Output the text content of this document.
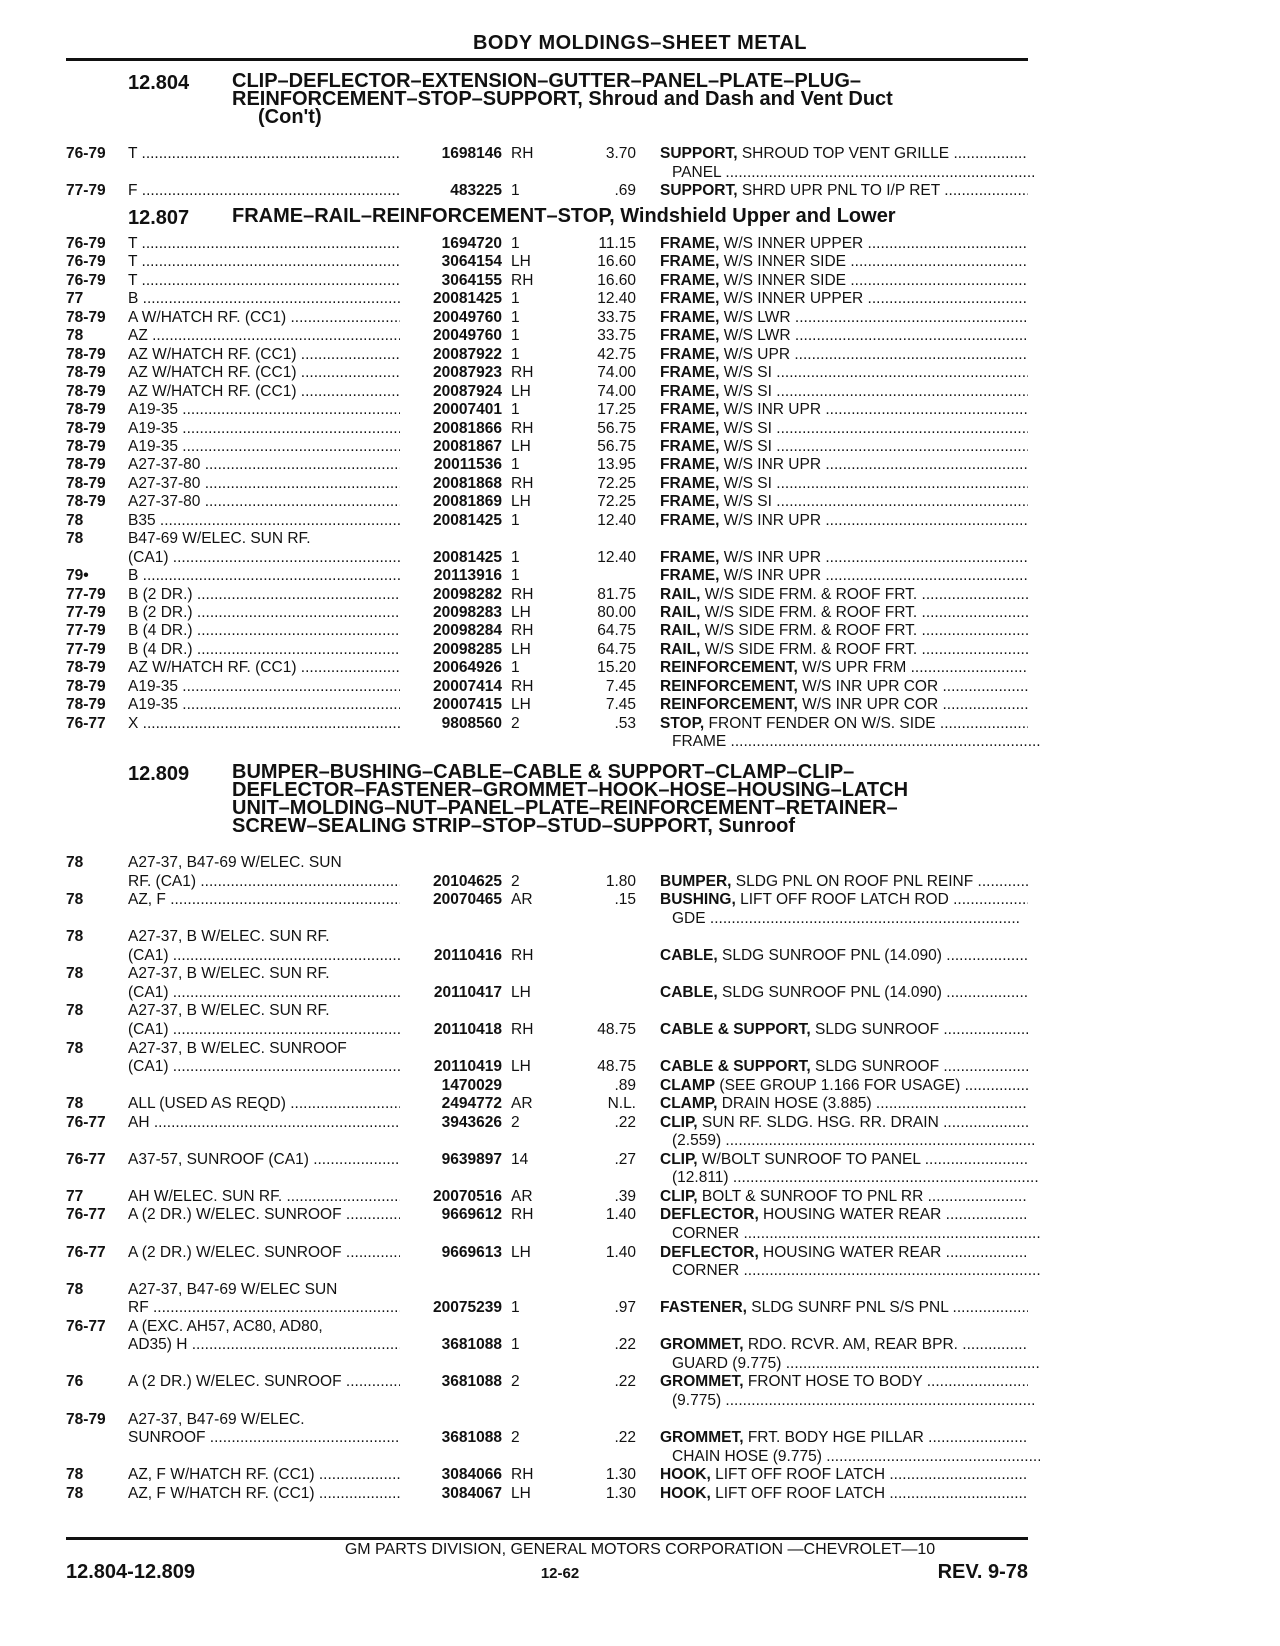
BODY MOLDINGS–SHEET METAL
12.804 CLIP–DEFLECTOR–EXTENSION–GUTTER–PANEL–PLATE–PLUG–
REINFORCEMENT–STOP–SUPPORT, Shroud and Dash and Vent Duct
(Con't)
76-79 T .....	1698146 RH	3.70 SUPPORT, SHROUD TOP VENT GRILLE .....
PANEL .....
77-79 F .....	483225 1	.69 SUPPORT, SHRD UPR PNL TO I/P RET .....
12.807 FRAME–RAIL–REINFORCEMENT–STOP, Windshield Upper and Lower
76-79 T .....	1694720 1	11.15 FRAME, W/S INNER UPPER .....
76-79 T .....	3064154 LH	16.60 FRAME, W/S INNER SIDE .....
76-79 T .....	3064155 RH	16.60 FRAME, W/S INNER SIDE .....
77	B .....	20081425 1	12.40 FRAME, W/S INNER UPPER .....
78-79 A W/HATCH RF. (CC1) .....	20049760 1	33.75 FRAME, W/S LWR .....
78	AZ .....	20049760 1	33.75 FRAME, W/S LWR .....
78-79 AZ W/HATCH RF. (CC1) .....	20087922 1	42.75 FRAME, W/S UPR .....
78-79 AZ W/HATCH RF. (CC1) .....	20087923 RH	74.00 FRAME, W/S SI .....
78-79 AZ W/HATCH RF. (CC1) .....	20087924 LH	74.00 FRAME, W/S SI .....
78-79 A19-35 .....	20007401 1	17.25 FRAME, W/S INR UPR .....
78-79 A19-35 .....	20081866 RH	56.75 FRAME, W/S SI .....
78-79 A19-35 .....	20081867 LH	56.75 FRAME, W/S SI .....
78-79 A27-37-80 .....	20011536 1	13.95 FRAME, W/S INR UPR .....
78-79 A27-37-80 .....	20081868 RH	72.25 FRAME, W/S SI .....
78-79 A27-37-80 .....	20081869 LH	72.25 FRAME, W/S SI .....
78	B35 .....	20081425 1	12.40 FRAME, W/S INR UPR .....
78	B47-69 W/ELEC. SUN RF.
(CA1) .....	20081425 1	12.40 FRAME, W/S INR UPR .....
79•	B .....	20113916 1	FRAME, W/S INR UPR .....
77-79 B (2 DR.) .....	20098282 RH	81.75 RAIL, W/S SIDE FRM. & ROOF FRT. .....
77-79 B (2 DR.) .....	20098283 LH	80.00 RAIL, W/S SIDE FRM. & ROOF FRT. .....
77-79 B (4 DR.) .....	20098284 RH	64.75 RAIL, W/S SIDE FRM. & ROOF FRT. .....
77-79 B (4 DR.) .....	20098285 LH	64.75 RAIL, W/S SIDE FRM. & ROOF FRT. .....
78-79 AZ W/HATCH RF. (CC1) .....	20064926 1	15.20 REINFORCEMENT, W/S UPR FRM .....
78-79 A19-35 .....	20007414 RH	7.45 REINFORCEMENT, W/S INR UPR COR .....
78-79 A19-35 .....	20007415 LH	7.45 REINFORCEMENT, W/S INR UPR COR .....
76-77 X .....	9808560 2	.53 STOP, FRONT FENDER ON W/S. SIDE .....
FRAME .....
12.809 BUMPER–BUSHING–CABLE–CABLE & SUPPORT–CLAMP–CLIP–
DEFLECTOR–FASTENER–GROMMET–HOOK–HOSE–HOUSING–LATCH
UNIT–MOLDING–NUT–PANEL–PLATE–REINFORCEMENT–RETAINER–
SCREW–SEALING STRIP–STOP–STUD–SUPPORT, Sunroof
78	A27-37, B47-69 W/ELEC. SUN
RF. (CA1) .....	20104625 2	1.80 BUMPER, SLDG PNL ON ROOF PNL REINF .....
78	AZ, F .....	20070465 AR	.15 BUSHING, LIFT OFF ROOF LATCH ROD .....
GDE .....
78	A27-37, B W/ELEC. SUN RF.
(CA1) .....	20110416 RH	CABLE, SLDG SUNROOF PNL (14.090) .....
78	A27-37, B W/ELEC. SUN RF.
(CA1) .....	20110417 LH	CABLE, SLDG SUNROOF PNL (14.090) .....
78	A27-37, B W/ELEC. SUN RF.
(CA1) .....	20110418 RH	48.75 CABLE & SUPPORT, SLDG SUNROOF .....
78	A27-37, B W/ELEC. SUNROOF
(CA1) .....	20110419 LH	48.75 CABLE & SUPPORT, SLDG SUNROOF .....
1470029	.89 CLAMP (SEE GROUP 1.166 FOR USAGE) .....
78	ALL (USED AS REQD) .....	2494772 AR	N.L. CLAMP, DRAIN HOSE (3.885) .....
76-77 AH .....	3943626 2	.22 CLIP, SUN RF. SLDG. HSG. RR. DRAIN .....
(2.559) .....
76-77 A37-57, SUNROOF (CA1) .....	9639897 14	.27 CLIP, W/BOLT SUNROOF TO PANEL .....
(12.811) .....
77	AH W/ELEC. SUN RF. .....	20070516 AR	.39 CLIP, BOLT & SUNROOF TO PNL RR .....
76-77 A (2 DR.) W/ELEC. SUNROOF .....	9669612 RH	1.40 DEFLECTOR, HOUSING WATER REAR .....
CORNER .....
76-77 A (2 DR.) W/ELEC. SUNROOF .....	9669613 LH	1.40 DEFLECTOR, HOUSING WATER REAR .....
CORNER .....
78	A27-37, B47-69 W/ELEC SUN
RF .....	20075239 1	.97 FASTENER, SLDG SUNRF PNL S/S PNL .....
76-77 A (EXC. AH57, AC80, AD80,
AD35) H .....	3681088 1	.22 GROMMET, RDO. RCVR. AM, REAR BPR. .....
GUARD (9.775) .....
76	A (2 DR.) W/ELEC. SUNROOF .....	3681088 2	.22 GROMMET, FRONT HOSE TO BODY .....
(9.775) .....
78-79 A27-37, B47-69 W/ELEC.
SUNROOF .....	3681088 2	.22 GROMMET, FRT. BODY HGE PILLAR .....
CHAIN HOSE (9.775) .....
78	AZ, F W/HATCH RF. (CC1) .....	3084066 RH	1.30 HOOK, LIFT OFF ROOF LATCH .....
78	AZ, F W/HATCH RF. (CC1) .....	3084067 LH	1.30 HOOK, LIFT OFF ROOF LATCH .....
GM PARTS DIVISION, GENERAL MOTORS CORPORATION —CHEVROLET—10
12.804-12.809	12-62	REV. 9-78
